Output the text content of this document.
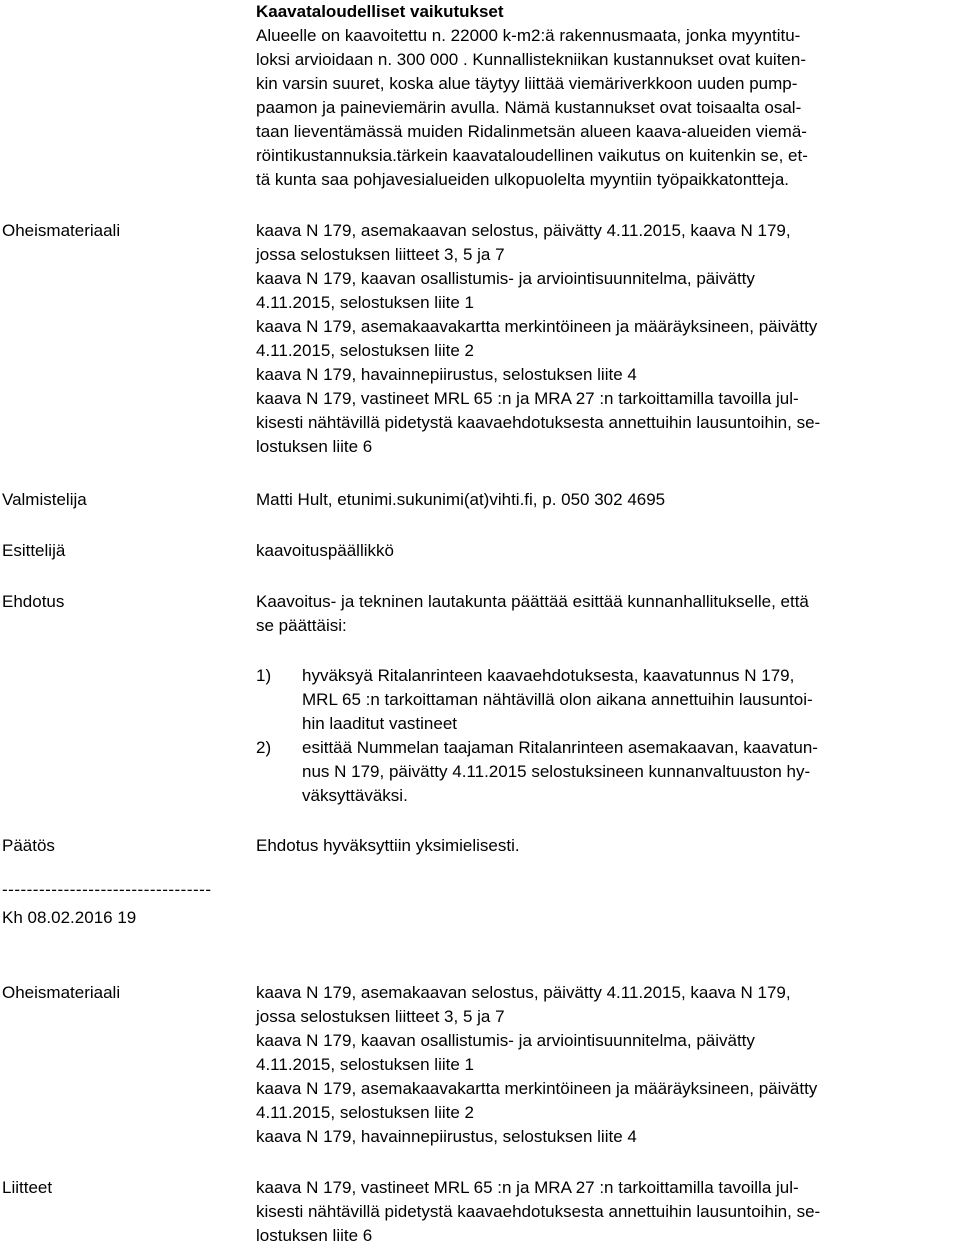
Kaavataloudelliset vaikutukset
Alueelle on kaavoitettu n. 22000 k-m2:ä rakennusmaata, jonka myyntitu-
loksi arvioidaan n. 300 000 . Kunnallistekniikan kustannukset ovat kuiten-
kin varsin suuret, koska alue täytyy liittää viemäriverkkoon uuden pump-
paamon ja paineviemärin avulla. Nämä kustannukset ovat toisaalta osal-
taan lieventämässä muiden Ridalinmetsän alueen kaava-alueiden viemä-
röintikustannuksia.tärkein kaavataloudellinen vaikutus on kuitenkin se, et-
tä kunta saa pohjavesialueiden ulkopuolelta myyntiin työpaikkatontteja.
Oheismateriaali	kaava N 179, asemakaavan selostus, päivätty 4.11.2015, kaava N 179,
jossa selostuksen liitteet 3, 5 ja 7
kaava N 179, kaavan osallistumis- ja arviointisuunnitelma, päivätty
4.11.2015, selostuksen liite 1
kaava N 179, asemakaavakartta merkintöineen ja määräyksineen, päivätty
4.11.2015, selostuksen liite 2
kaava N 179, havainnepiirustus, selostuksen liite 4
kaava N 179, vastineet MRL 65 :n ja MRA 27 :n tarkoittamilla tavoilla jul-
kisesti nähtävillä pidetystä kaavaehdotuksesta annettuihin lausuntoihin, se-
lostuksen liite 6
Valmistelija	Matti Hult, etunimi.sukunimi(at)vihti.fi, p. 050 302 4695
Esittelijä	kaavoituspäällikkö
Ehdotus	Kaavoitus- ja tekninen lautakunta päättää esittää kunnanhallitukselle, että
se päättäisi:
1) hyväksyä Ritalanrinteen kaavaehdotuksesta, kaavatunnus N 179,
MRL 65 :n tarkoittaman nähtävillä olon aikana annettuihin lausuntoi-
hin laaditut vastineet
2) esittää Nummelan taajaman Ritalanrinteen asemakaavan, kaavatun-
nus N 179, päivätty 4.11.2015 selostuksineen kunnanvaltuuston hy-
väksyttäväksi.
Päätös	Ehdotus hyväksyttiin yksimielisesti.
----------------------------------
Kh 08.02.2016 19
Oheismateriaali	kaava N 179, asemakaavan selostus, päivätty 4.11.2015, kaava N 179,
jossa selostuksen liitteet 3, 5 ja 7
kaava N 179, kaavan osallistumis- ja arviointisuunnitelma, päivätty
4.11.2015, selostuksen liite 1
kaava N 179, asemakaavakartta merkintöineen ja määräyksineen, päivätty
4.11.2015, selostuksen liite 2
kaava N 179, havainnepiirustus, selostuksen liite 4
Liitteet	kaava N 179, vastineet MRL 65 :n ja MRA 27 :n tarkoittamilla tavoilla jul-
kisesti nähtävillä pidetystä kaavaehdotuksesta annettuihin lausuntoihin, se-
lostuksen liite 6
